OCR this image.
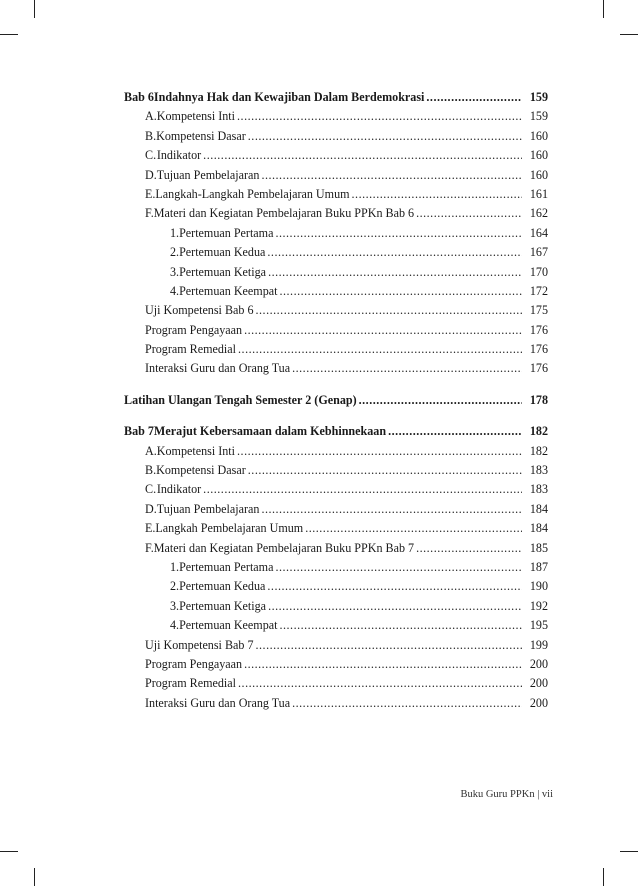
Bab 6 Indahnya Hak dan Kewajiban Dalam Berdemokrasi .....	159
A. Kompetensi Inti .....	159
B. Kompetensi Dasar .....	160
C. Indikator .....	160
D. Tujuan Pembelajaran .....	160
E. Langkah-Langkah Pembelajaran Umum .....	161
F. Materi dan Kegiatan Pembelajaran Buku PPKn Bab 6 .....	162
1. Pertemuan Pertama .....	164
2. Pertemuan Kedua .....	167
3. Pertemuan Ketiga .....	170
4. Pertemuan Keempat .....	172
Uji Kompetensi Bab 6 .....	175
Program Pengayaan .....	176
Program Remedial .....	176
Interaksi Guru dan Orang Tua .....	176
Latihan Ulangan Tengah Semester 2 (Genap) .....	178
Bab 7 Merajut Kebersamaan dalam Kebhinnekaan .....	182
A. Kompetensi Inti .....	182
B. Kompetensi Dasar .....	183
C. Indikator .....	183
D. Tujuan Pembelajaran .....	184
E. Langkah Pembelajaran Umum .....	184
F. Materi dan Kegiatan Pembelajaran Buku PPKn Bab 7 .....	185
1. Pertemuan Pertama .....	187
2. Pertemuan Kedua .....	190
3. Pertemuan Ketiga .....	192
4. Pertemuan Keempat .....	195
Uji Kompetensi Bab 7 .....	199
Program Pengayaan .....	200
Program Remedial .....	200
Interaksi Guru dan Orang Tua .....	200
Buku Guru PPKn | vii
